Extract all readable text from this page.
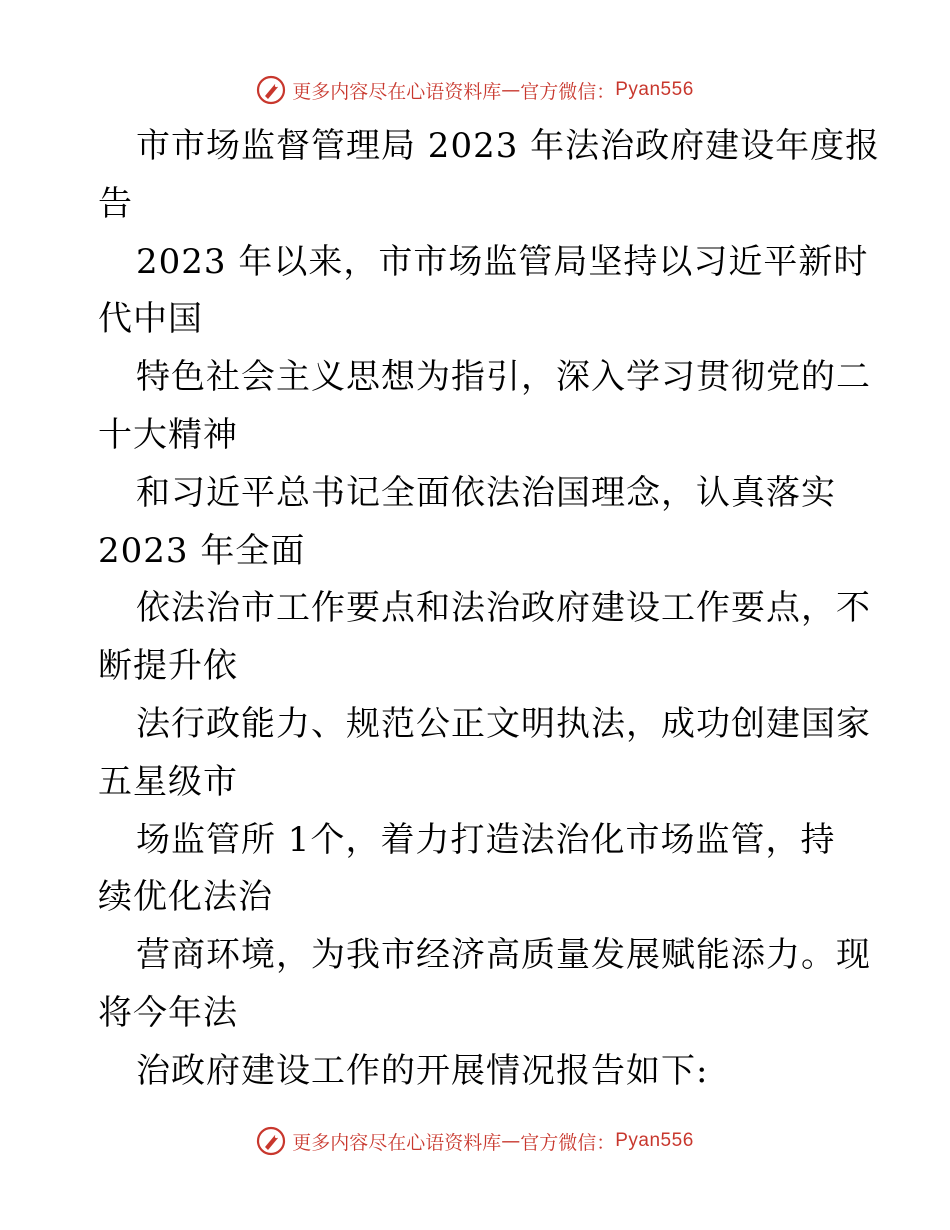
更多内容尽在心语资料库 — 官方微信： Pyan556
市市场监督管理局 2023 年法治政府建设年度报
告
2023 年以来，市市场监管局坚持以习近平新时
代中国
特色社会主义思想为指引，深入学习贯彻党的二
十大精神
和习近平总书记全面依法治国理念，认真落实
2023 年全面
依法治市工作要点和法治政府建设工作要点，不
断提升依
法行政能力、规范公正文明执法，成功创建国家
五星级市
场监管所 1个，着力打造法治化市场监管，持
续优化法治
营商环境，为我市经济高质量发展赋能添力。现
将今年法
治政府建设工作的开展情况报告如下:
更多内容尽在心语资料库 — 官方微信： Pyan556
